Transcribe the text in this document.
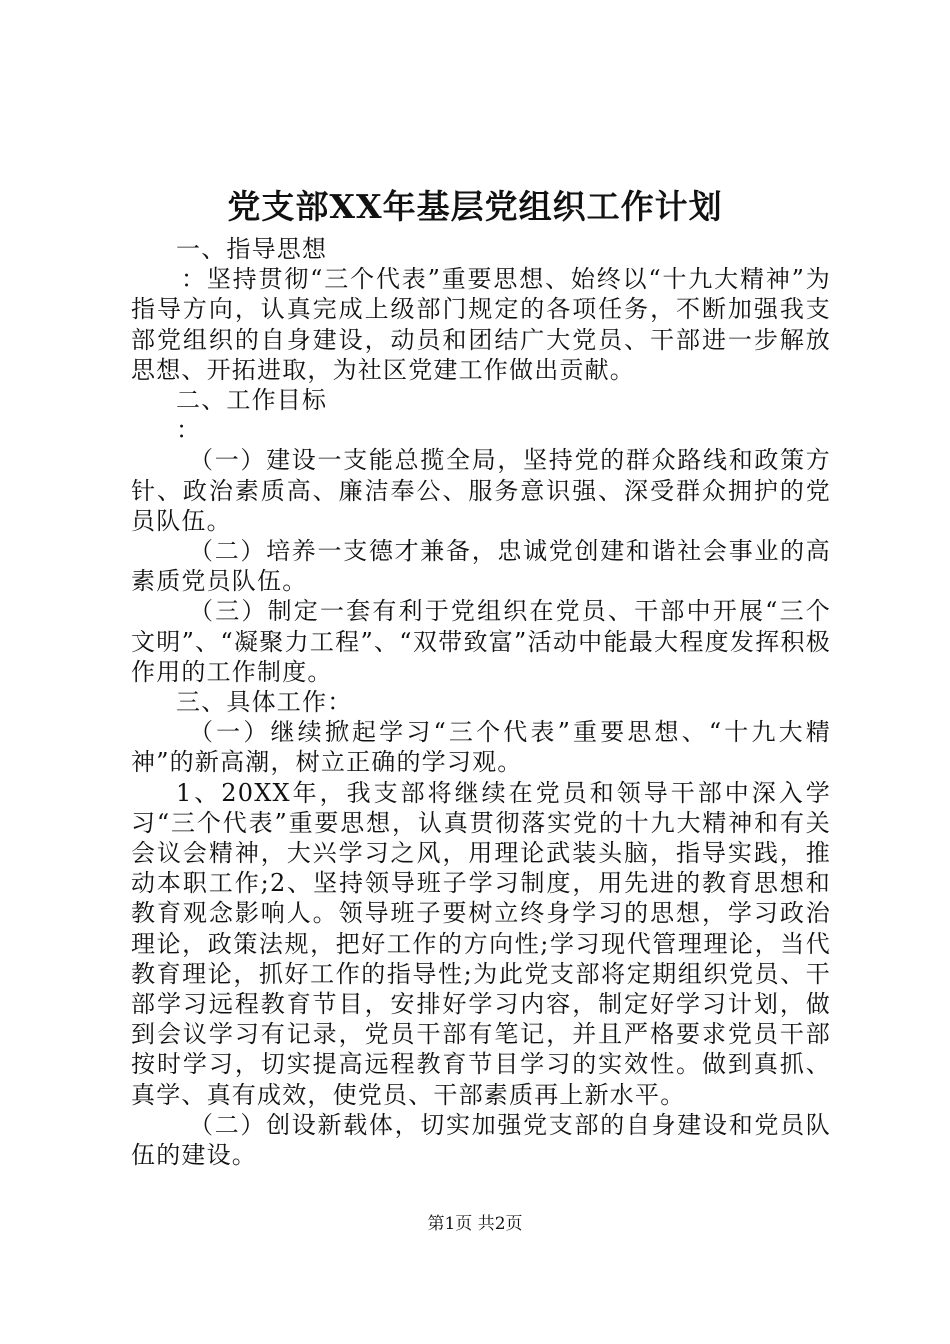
党支部XX年基层党组织工作计划

一、指导思想

：坚持贯彻“三个代表”重要思想、始终以“十九大精神”为指导方向，认真完成上级部门规定的各项任务，不断加强我支部党组织的自身建设，动员和团结广大党员、干部进一步解放思想、开拓进取，为社区党建工作做出贡献。

二、工作目标

：

（一）建设一支能总揽全局，坚持党的群众路线和政策方针、政治素质高、廉洁奉公、服务意识强、深受群众拥护的党员队伍。

（二）培养一支德才兼备，忠诚党创建和谐社会事业的高素质党员队伍。

（三）制定一套有利于党组织在党员、干部中开展“三个文明”、“凝聚力工程”、“双带致富”活动中能最大程度发挥积极作用的工作制度。

三、具体工作：

（一）继续掀起学习“三个代表”重要思想、“十九大精神”的新高潮，树立正确的学习观。

1、20XX年，我支部将继续在党员和领导干部中深入学习“三个代表”重要思想，认真贯彻落实党的十九大精神和有关会议会精神，大兴学习之风，用理论武装头脑，指导实践，推动本职工作;2、坚持领导班子学习制度，用先进的教育思想和教育观念影响人。领导班子要树立终身学习的思想，学习政治理论，政策法规，把好工作的方向性;学习现代管理理论，当代教育理论，抓好工作的指导性;为此党支部将定期组织党员、干部学习远程教育节目，安排好学习内容，制定好学习计划，做到会议学习有记录，党员干部有笔记，并且严格要求党员干部按时学习，切实提高远程教育节目学习的实效性。做到真抓、真学、真有成效，使党员、干部素质再上新水平。

（二）创设新载体，切实加强党支部的自身建设和党员队伍的建设。

第1页 共2页
